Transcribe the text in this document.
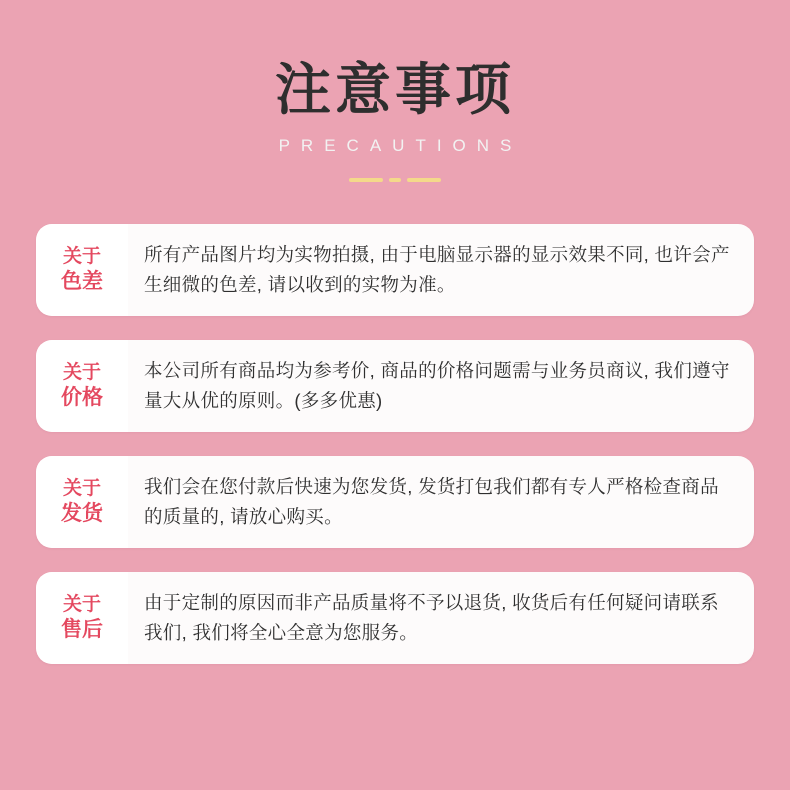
注意事项
PRECAUTIONS
关于
色差
所有产品图片均为实物拍摄, 由于电脑显示器的显示效果不同, 也许会产生细微的色差, 请以收到的实物为准。
关于
价格
本公司所有商品均为参考价, 商品的价格问题需与业务员商议, 我们遵守量大从优的原则。(多多优惠)
关于
发货
我们会在您付款后快速为您发货, 发货打包我们都有专人严格检查商品的质量的, 请放心购买。
关于
售后
由于定制的原因而非产品质量将不予以退货, 收货后有任何疑问请联系我们, 我们将全心全意为您服务。
